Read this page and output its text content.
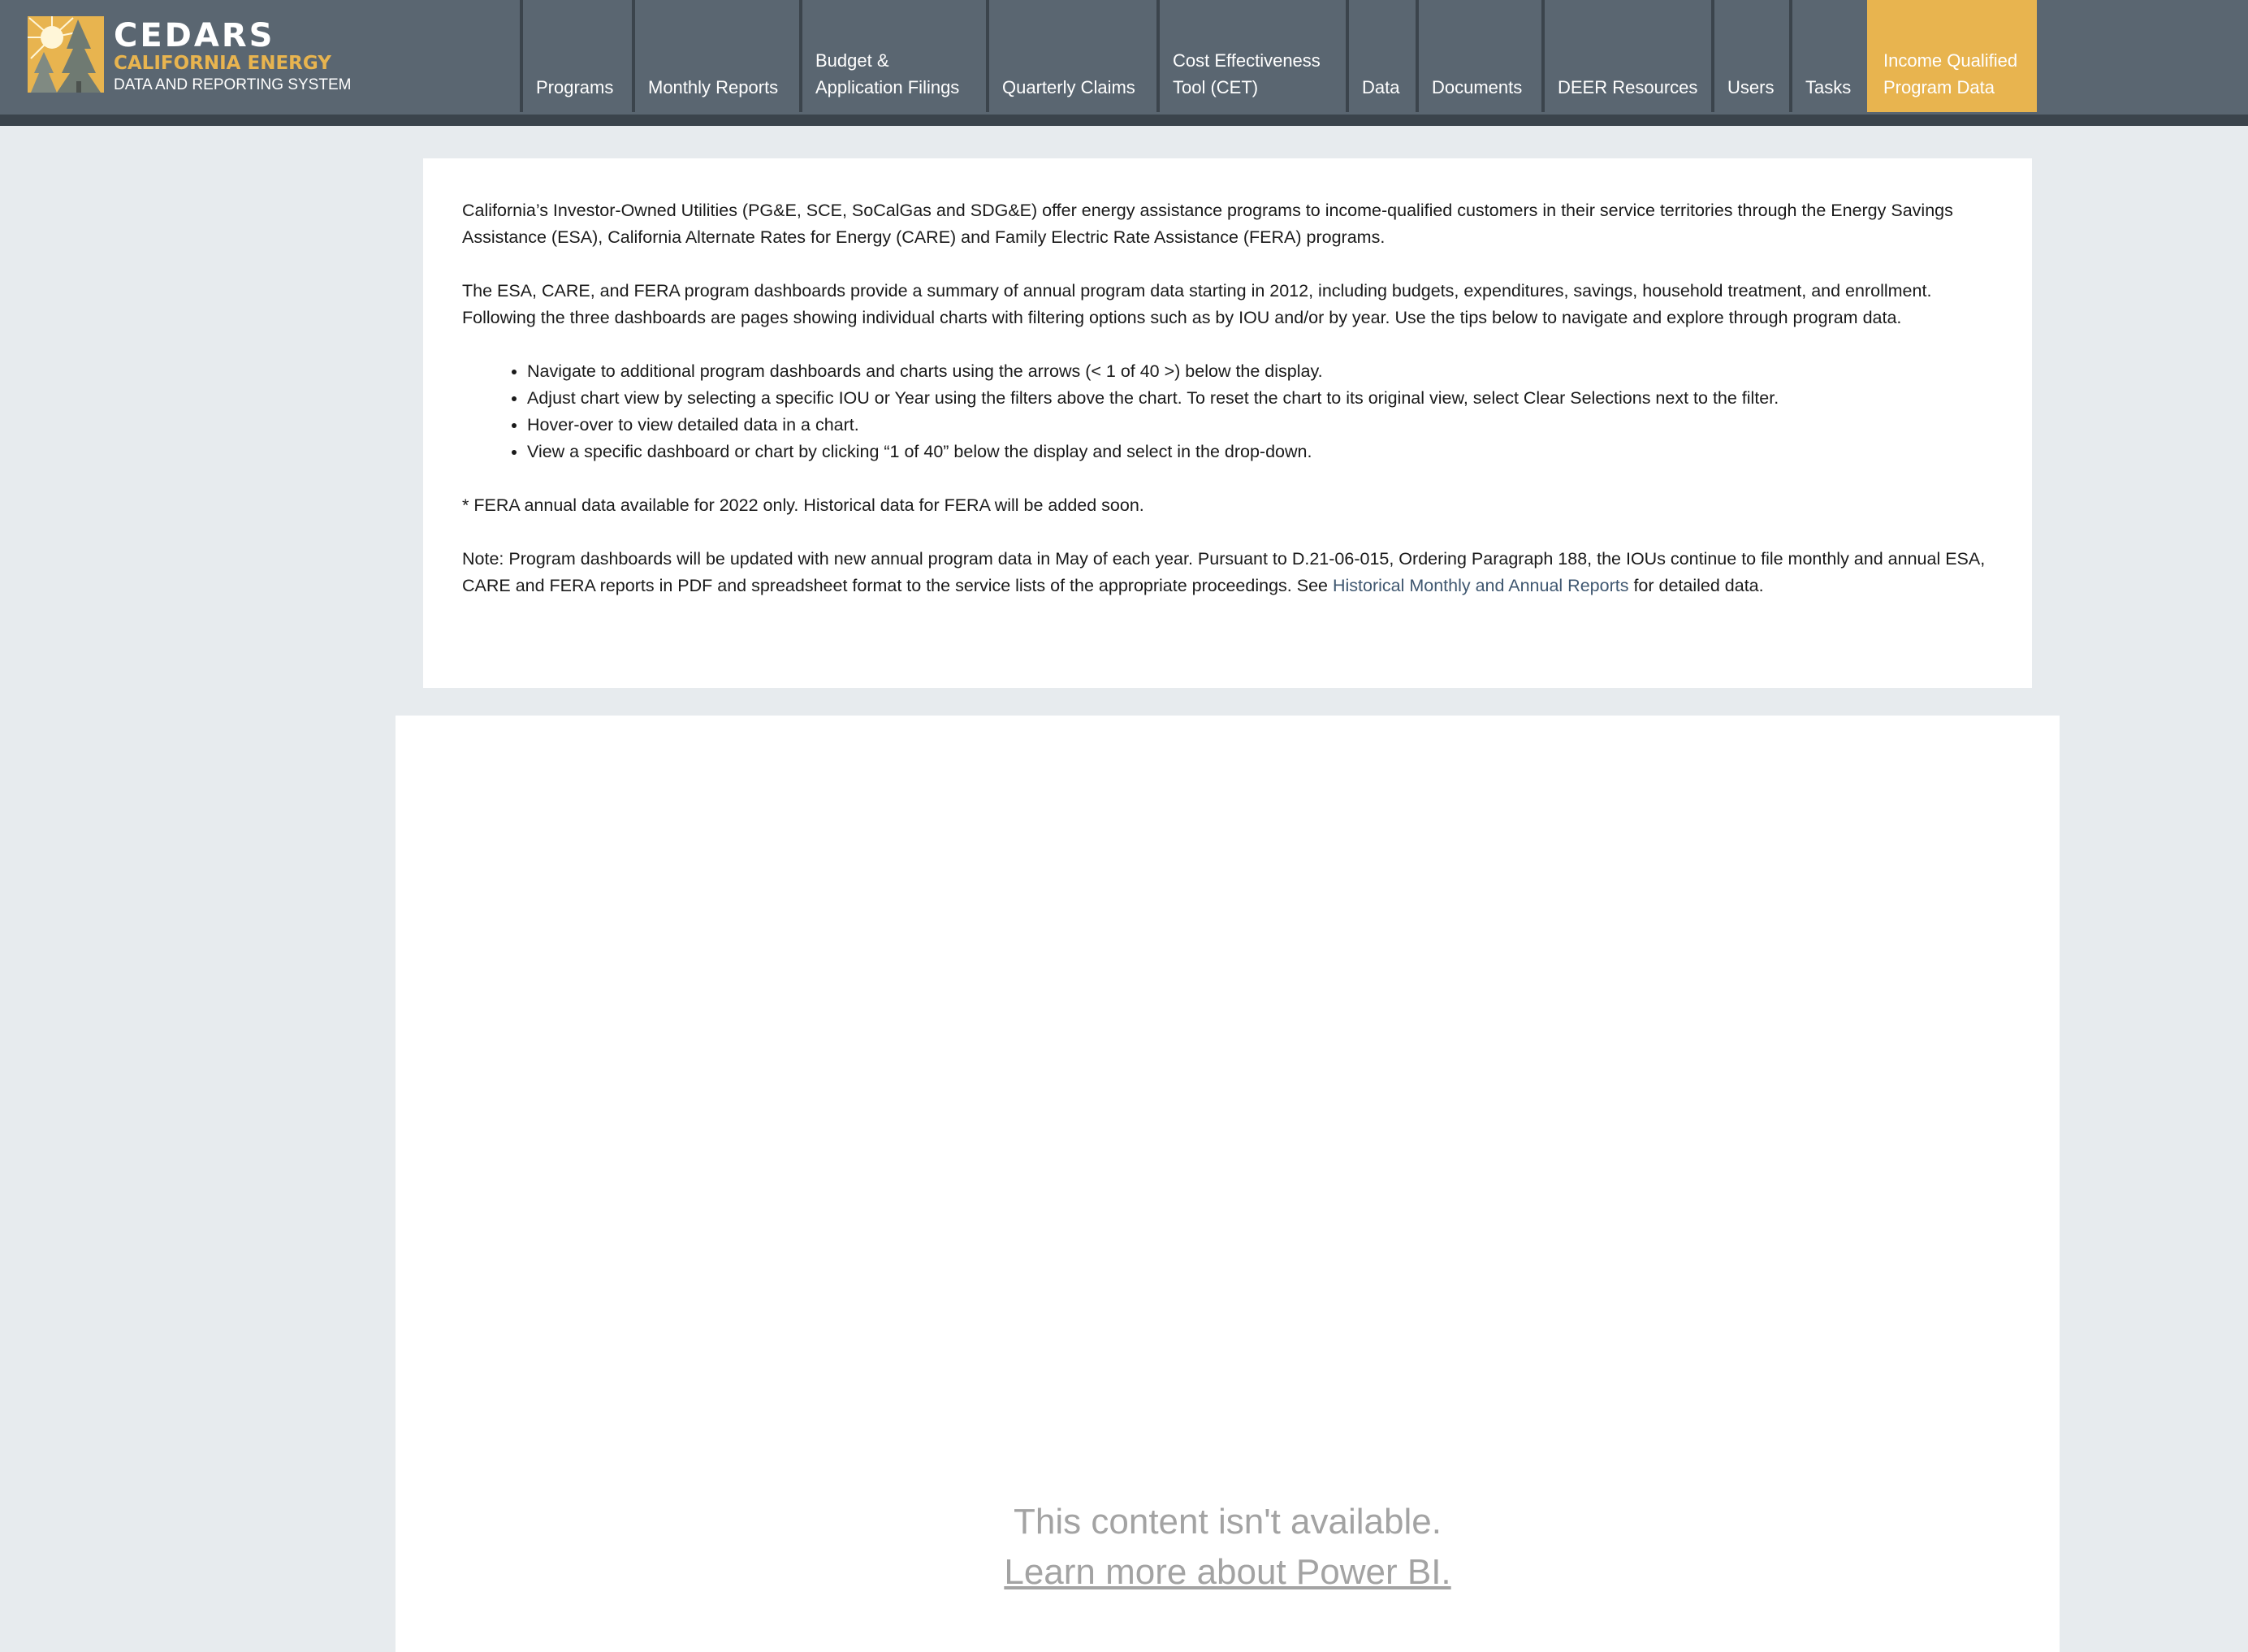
CEDARS
CALIFORNIA ENERGY
DATA AND REPORTING SYSTEM	Programs Monthly Reports
Budget &
Application Filings Quarterly Claims
Cost Effectiveness
Tool (CET)	Data Documents DEER Resources Users Tasks
Income Qualified
Program Data

California’s Investor-Owned Utilities (PG&E, SCE, SoCalGas and SDG&E) offer energy assistance programs to income-qualified customers in their service territories through the Energy Savings Assistance (ESA), California Alternate Rates for Energy (CARE) and Family Electric Rate Assistance (FERA) programs.

The ESA, CARE, and FERA program dashboards provide a summary of annual program data starting in 2012, including budgets, expenditures, savings, household treatment, and enrollment. Following the three dashboards are pages showing individual charts with filtering options such as by IOU and/or by year. Use the tips below to navigate and explore through program data.

• Navigate to additional program dashboards and charts using the arrows (< 1 of 40 >) below the display.
• Adjust chart view by selecting a specific IOU or Year using the filters above the chart. To reset the chart to its original view, select Clear Selections next to the filter.
• Hover-over to view detailed data in a chart.
• View a specific dashboard or chart by clicking “1 of 40” below the display and select in the drop-down.

* FERA annual data available for 2022 only. Historical data for FERA will be added soon.

Note: Program dashboards will be updated with new annual program data in May of each year. Pursuant to D.21-06-015, Ordering Paragraph 188, the IOUs continue to file monthly and annual ESA, CARE and FERA reports in PDF and spreadsheet format to the service lists of the appropriate proceedings. See Historical Monthly and Annual Reports for detailed data.

This content isn't available.
Learn more about Power BI.
